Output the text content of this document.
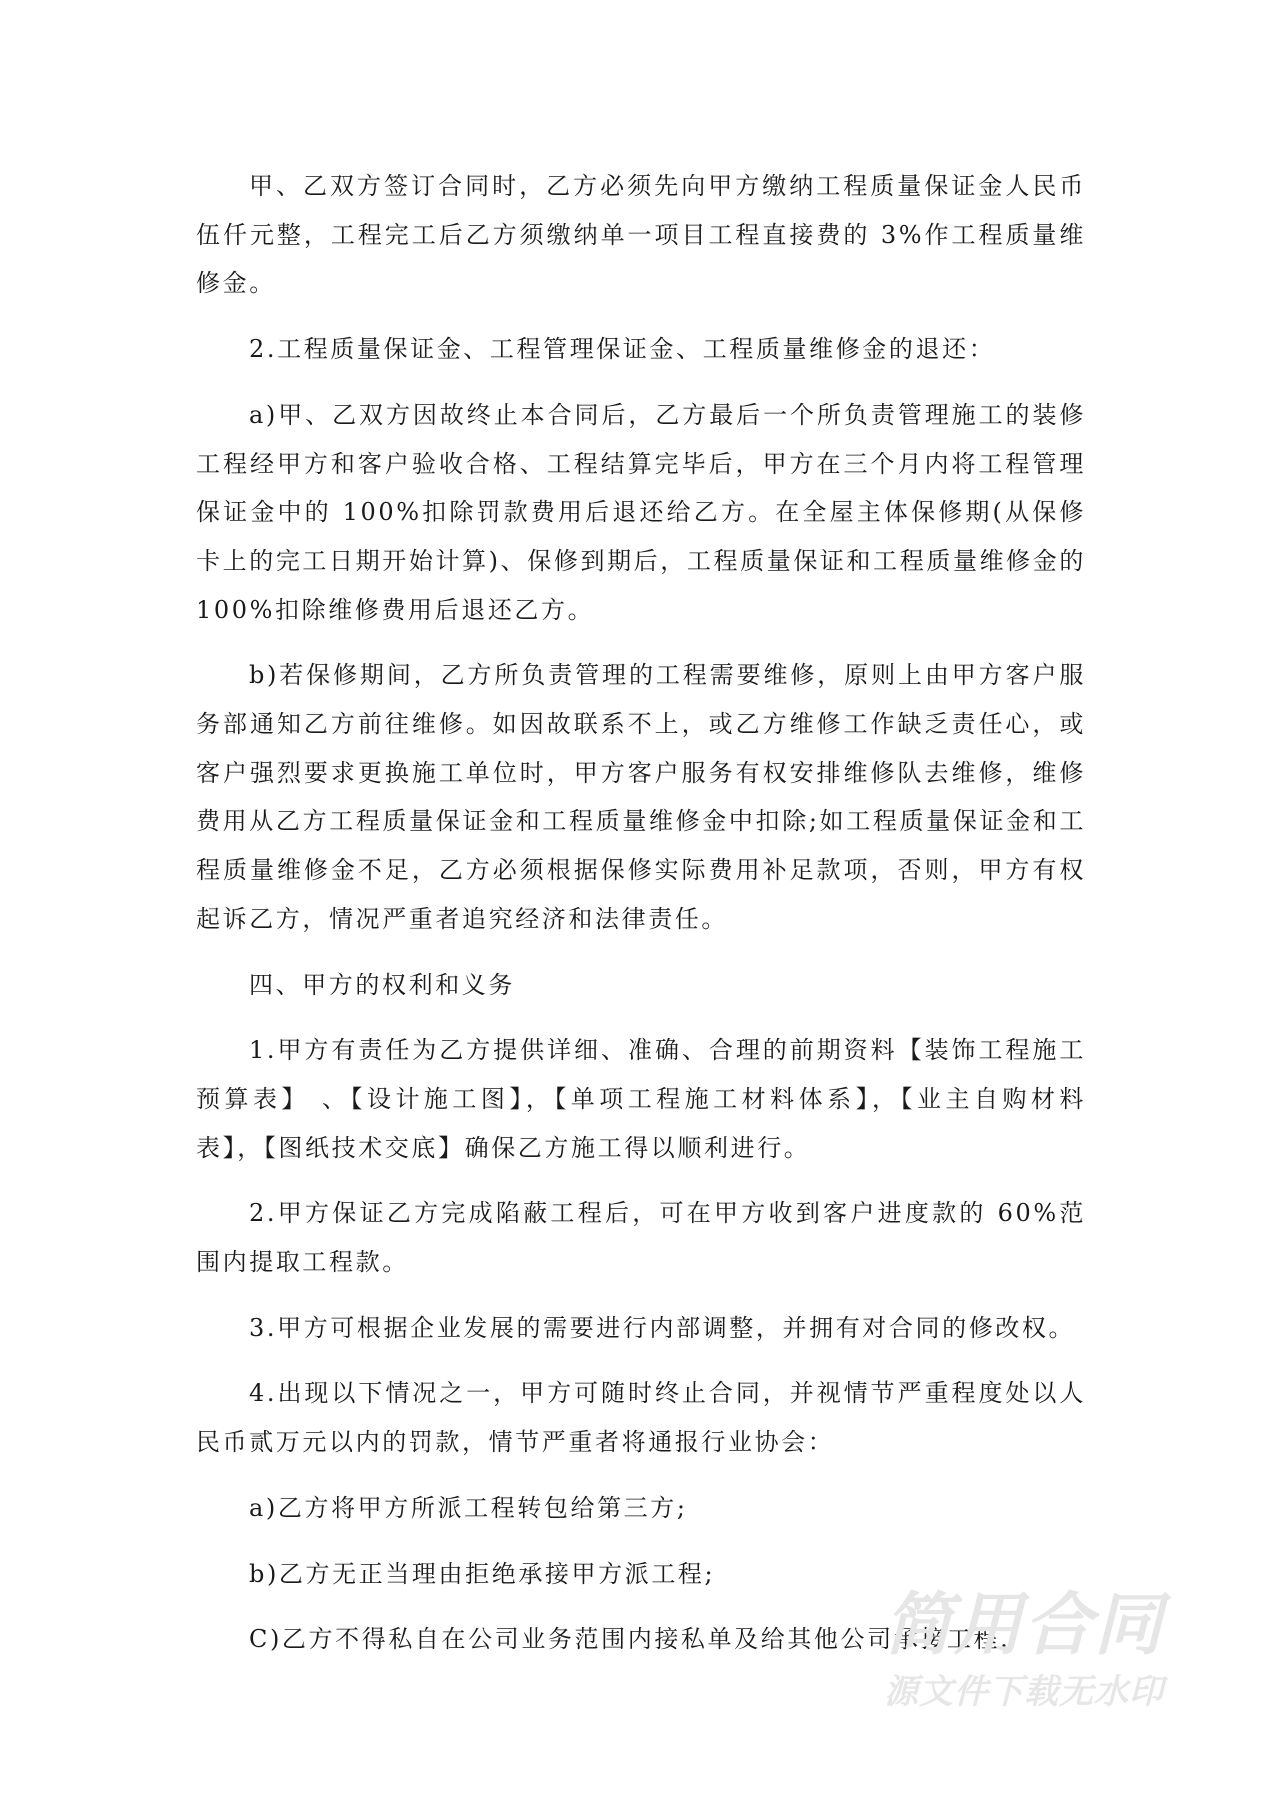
甲、乙双方签订合同时，乙方必须先向甲方缴纳工程质量保证金人民币伍仟元整，工程完工后乙方须缴纳单一项目工程直接费的 3%作工程质量维修金。

2.工程质量保证金、工程管理保证金、工程质量维修金的退还：

a)甲、乙双方因故终止本合同后，乙方最后一个所负责管理施工的装修工程经甲方和客户验收合格、工程结算完毕后，甲方在三个月内将工程管理保证金中的 100%扣除罚款费用后退还给乙方。在全屋主体保修期(从保修卡上的完工日期开始计算)、保修到期后，工程质量保证和工程质量维修金的 100%扣除维修费用后退还乙方。

b)若保修期间，乙方所负责管理的工程需要维修，原则上由甲方客户服务部通知乙方前往维修。如因故联系不上，或乙方维修工作缺乏责任心，或客户强烈要求更换施工单位时，甲方客户服务有权安排维修队去维修，维修费用从乙方工程质量保证金和工程质量维修金中扣除;如工程质量保证金和工程质量维修金不足，乙方必须根据保修实际费用补足款项，否则，甲方有权起诉乙方，情况严重者追究经济和法律责任。

四、甲方的权利和义务

1.甲方有责任为乙方提供详细、准确、合理的前期资料【装饰工程施工预算表】 、【设计施工图】，【单项工程施工材料体系】，【业主自购材料表】，【图纸技术交底】确保乙方施工得以顺利进行。

2.甲方保证乙方完成陷蔽工程后，可在甲方收到客户进度款的 60%范围内提取工程款。

3.甲方可根据企业发展的需要进行内部调整，并拥有对合同的修改权。

4.出现以下情况之一，甲方可随时终止合同，并视情节严重程度处以人民币贰万元以内的罚款，情节严重者将通报行业协会：

a)乙方将甲方所派工程转包给第三方;

b)乙方无正当理由拒绝承接甲方派工程;

C)乙方不得私自在公司业务范围内接私单及给其他公司承接工程.

简用合同
源文件下载无水印
